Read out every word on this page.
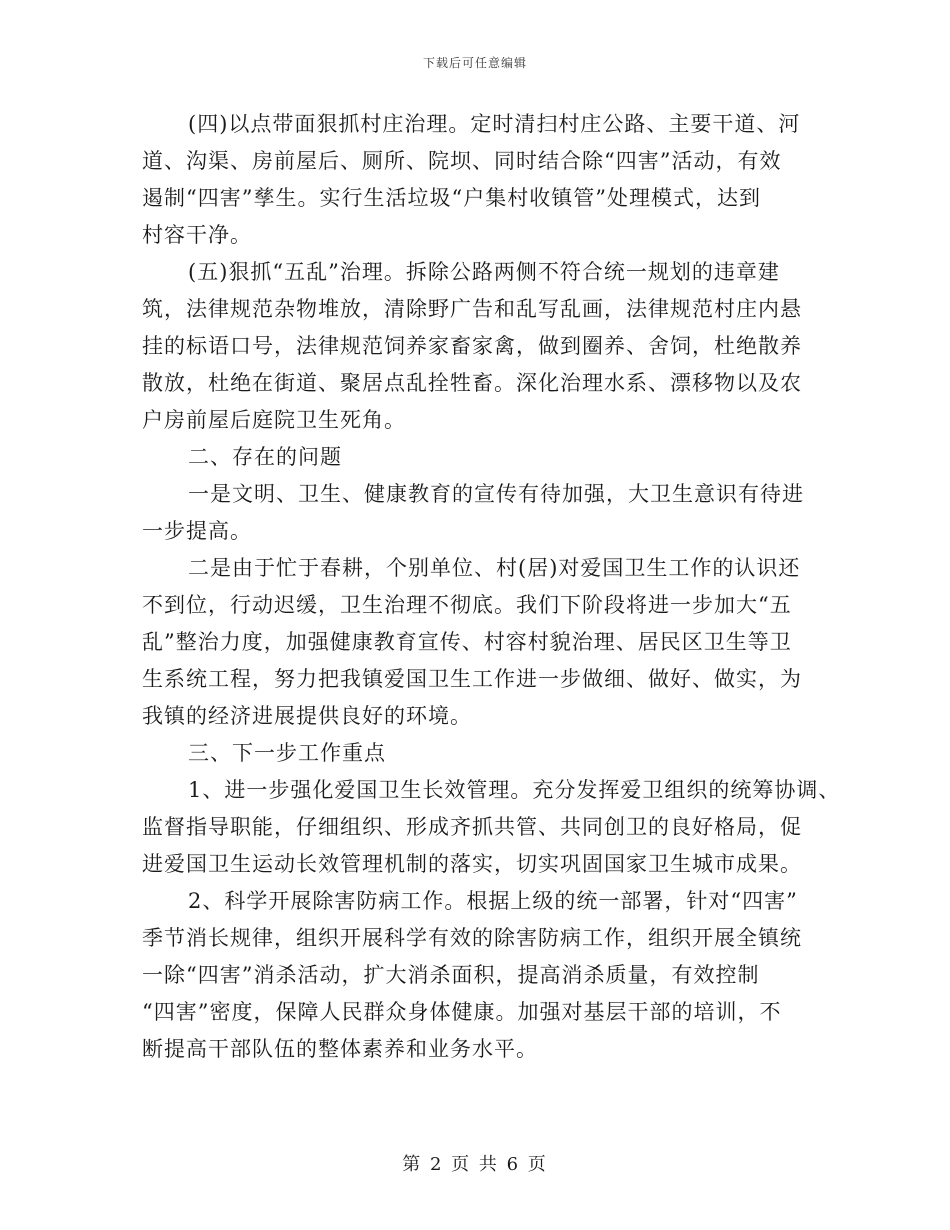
下载后可任意编辑
(四)以点带面狠抓村庄治理。定时清扫村庄公路、主要干道、河
道、沟渠、房前屋后、厕所、院坝、同时结合除“四害”活动，有效
遏制“四害”孳生。实行生活垃圾“户集村收镇管”处理模式，达到
村容干净。
(五)狠抓“五乱”治理。拆除公路两侧不符合统一规划的违章建
筑，法律规范杂物堆放，清除野广告和乱写乱画，法律规范村庄内悬
挂的标语口号，法律规范饲养家畜家禽，做到圈养、舍饲，杜绝散养
散放，杜绝在街道、聚居点乱拴牲畜。深化治理水系、漂移物以及农
户房前屋后庭院卫生死角。
二、存在的问题
一是文明、卫生、健康教育的宣传有待加强，大卫生意识有待进
一步提高。
二是由于忙于春耕，个别单位、村(居)对爱国卫生工作的认识还
不到位，行动迟缓，卫生治理不彻底。我们下阶段将进一步加大“五
乱”整治力度，加强健康教育宣传、村容村貌治理、居民区卫生等卫
生系统工程，努力把我镇爱国卫生工作进一步做细、做好、做实，为
我镇的经济进展提供良好的环境。
三、下一步工作重点
1、进一步强化爱国卫生长效管理。充分发挥爱卫组织的统筹协调、
监督指导职能，仔细组织、形成齐抓共管、共同创卫的良好格局，促
进爱国卫生运动长效管理机制的落实，切实巩固国家卫生城市成果。
2、科学开展除害防病工作。根据上级的统一部署，针对“四害”
季节消长规律，组织开展科学有效的除害防病工作，组织开展全镇统
一除“四害”消杀活动，扩大消杀面积，提高消杀质量，有效控制
“四害”密度，保障人民群众身体健康。加强对基层干部的培训，不
断提高干部队伍的整体素养和业务水平。
第 2 页 共 6 页
